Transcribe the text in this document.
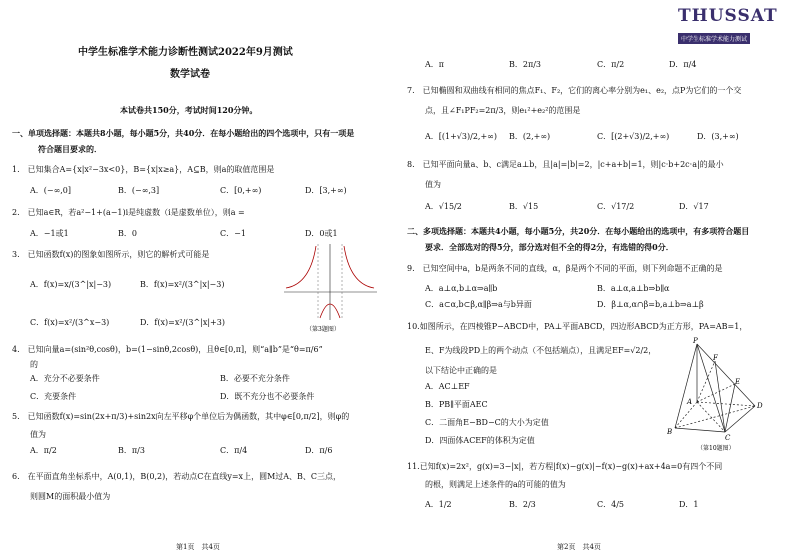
中学生标准学术能力诊断性测试2022年9月测试
数学试卷
本试卷共150分，考试时间120分钟。
一、单项选择题：本题共8小题，每小题5分，共40分．在每小题给出的四个选项中，只有一项是
符合题目要求的．
1.　已知集合A={x|x²−3x<0}，B={x|x≥a}，A⊆B，则a的取值范围是
A．(−∞,0]	B．(−∞,3]	C．[0,+∞)	D．[3,+∞)
2.　已知a∈R，若a²−1+(a−1)i是纯虚数（i是虚数单位），则a =
A．−1或1	B．0	C．−1	D．0或1
3.　已知函数f(x)的图象如图所示，则它的解析式可能是
A．f(x)=x/(3^|x|−3)	B．f(x)=x²/(3^|x|−3)
C．f(x)=x²/(3^x−3)	D．f(x)=x²/(3^|x|+3)
（第3题图）
4.　已知向量a=(sin²θ,cosθ)，b=(1−sinθ,2cosθ)，且θ∈[0,π]，则“a∥b”是“θ=π/6”
的
A．充分不必要条件	B．必要不充分条件
C．充要条件	D．既不充分也不必要条件
5.　已知函数f(x)=sin(2x+π/3)+sin2x向左平移φ个单位后为偶函数，其中φ∈[0,π/2]，则φ的
值为
A．π/2	B．π/3	C．π/4	D．π/6
6.　在平面直角坐标系中，A(0,1)，B(0,2)，若动点C在直线y=x上，圆M过A、B、C三点，
则圆M的面积最小值为
第1页　共4页
THUSSAT
中学生标准学术能力测试
A．π	B．2π/3	C．π/2	D．π/4
7.　已知椭圆和双曲线有相同的焦点F₁、F₂，它们的离心率分别为e₁、e₂，点P为它们的一个交
点，且∠F₁PF₂=2π/3，则e₁²+e₂²的范围是
A．[(1+√3)/2,+∞) B．(2,+∞)	C．[(2+√3)/2,+∞)	D．(3,+∞)
8.　已知平面向量a、b、c满足a⊥b，且|a|=|b|=2，|c+a+b|=1，则|c·b+2c·a|的最小
值为
A．√15/2	B．√15	C．√17/2	D．√17
二、多项选择题：本题共4小题，每小题5分，共20分．在每小题给出的选项中，有多项符合题目
要求．全部选对的得5分，部分选对但不全的得2分，有选错的得0分．
9.　已知空间中a，b是两条不同的直线，α，β是两个不同的平面，则下列命题不正确的是
A．a⊥α,b⊥α⇒a∥b	B．a⊥α,a⊥b⇒b∥α
C．a⊂α,b⊂β,α∥β⇒a与b异面	D．β⊥α,α∩β=b,a⊥b⇒a⊥β
10.如图所示，在四棱锥P−ABCD中，PA⊥平面ABCD，四边形ABCD为正方形，PA=AB=1，
E、F为线段PD上的两个动点（不包括端点），且满足EF=√2/2，
以下结论中正确的是
A．AC⊥EF
B．PB∥平面AEC
C．二面角E−BD−C的大小为定值
D．四面体ACEF的体积为定值
P
F
E
A	D
B
C
（第10题图）
11.已知f(x)=2x²，g(x)=3−|x|，若方程|f(x)−g(x)|−f(x)−g(x)+ax+4a=0有四个不同
的根，则满足上述条件的a的可能的值为
A．1/2	B．2/3	C．4/5	D．1
第2页　共4页
